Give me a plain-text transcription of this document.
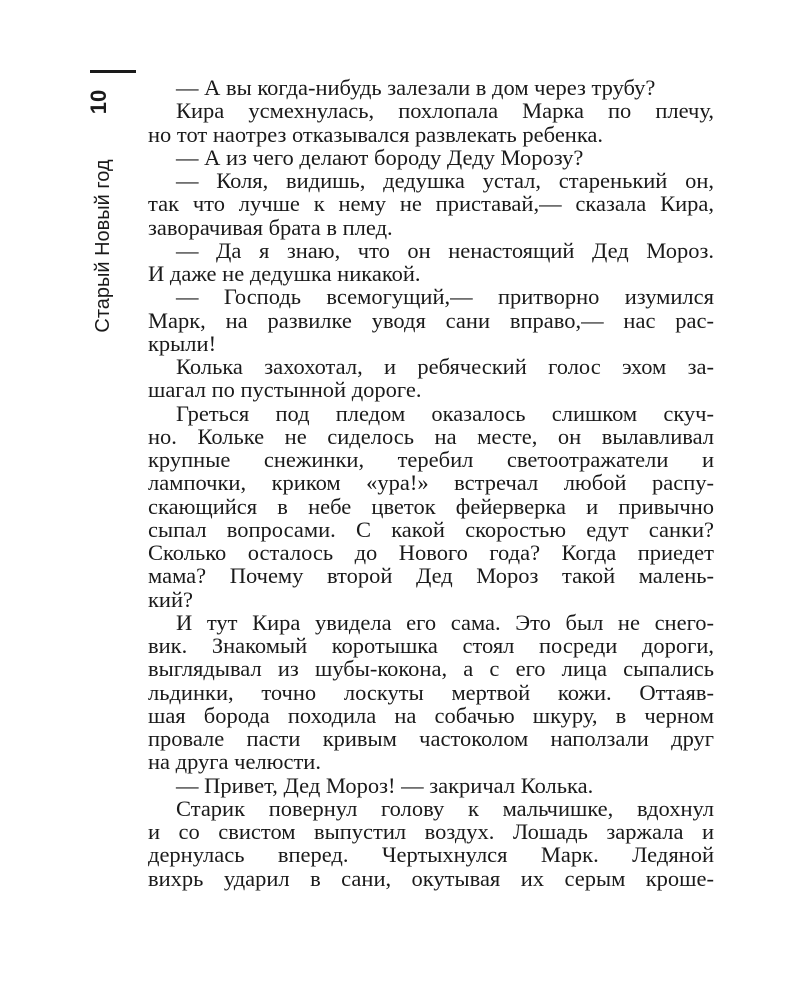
10
Старый Новый год
— А вы когда-нибудь залезали в дом через трубу?
Кира усмехнулась, похлопала Марка по плечу,
но тот наотрез отказывался развлекать ребенка.
— А из чего делают бороду Деду Морозу?
— Коля, видишь, дедушка устал, старенький он,
так что лучше к нему не приставай,— сказала Кира,
заворачивая брата в плед.
— Да я знаю, что он ненастоящий Дед Мороз.
И даже не дедушка никакой.
— Господь всемогущий,— притворно изумился
Марк, на развилке уводя сани вправо,— нас рас-
крыли!
Колька захохотал, и ребяческий голос эхом за-
шагал по пустынной дороге.
Греться под пледом оказалось слишком скуч-
но. Кольке не сиделось на месте, он вылавливал
крупные снежинки, теребил светоотражатели и
лампочки, криком «ура!» встречал любой распу-
скающийся в небе цветок фейерверка и привычно
сыпал вопросами. С какой скоростью едут санки?
Сколько осталось до Нового года? Когда приедет
мама? Почему второй Дед Мороз такой малень-
кий?
И тут Кира увидела его сама. Это был не снего-
вик. Знакомый коротышка стоял посреди дороги,
выглядывал из шубы-кокона, а с его лица сыпались
льдинки, точно лоскуты мертвой кожи. Оттаяв-
шая борода походила на собачью шкуру, в черном
провале пасти кривым частоколом наползали друг
на друга челюсти.
— Привет, Дед Мороз! — закричал Колька.
Старик повернул голову к мальчишке, вдохнул
и со свистом выпустил воздух. Лошадь заржала и
дернулась вперед. Чертыхнулся Марк. Ледяной
вихрь ударил в сани, окутывая их серым кроше-
